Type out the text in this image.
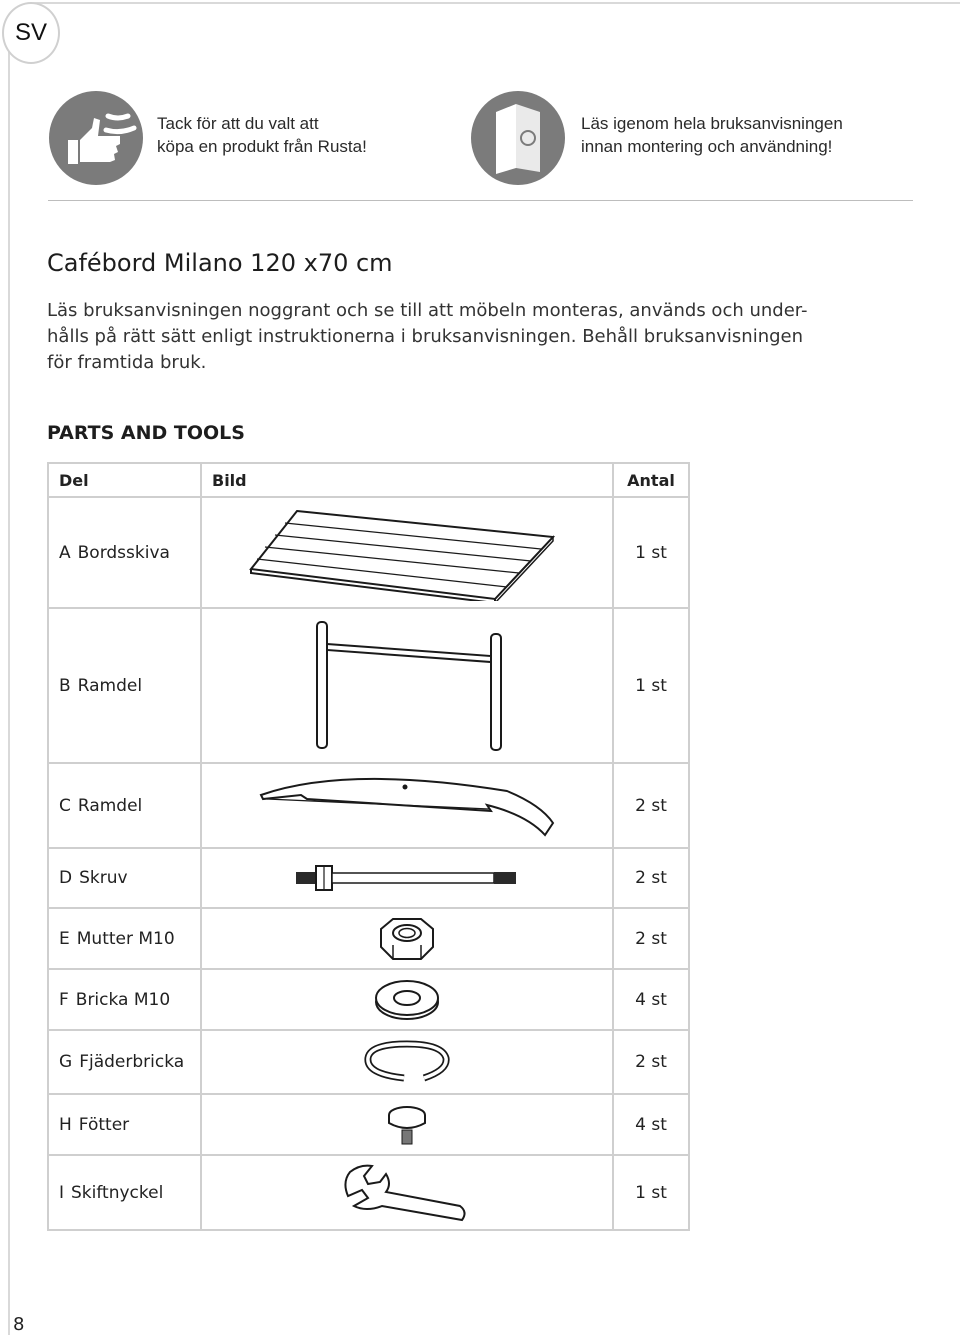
SV
Tack för att du valt att
köpa en produkt från Rusta!
Läs igenom hela bruksanvisningen
innan montering och användning!
Cafébord Milano 120 x70 cm
Läs bruksanvisningen noggrant och se till att möbeln monteras, används och under-
hålls på rätt sätt enligt instruktionerna i bruksanvisningen. Behåll bruksanvisningen
för framtida bruk.
PARTS AND TOOLS
Del	Bild	Antal
A Bordsskiva		1 st
B Ramdel		1 st
C Ramdel		2 st
D Skruv		2 st
E Mutter M10		2 st
F Bricka M10		4 st
G Fjäderbricka		2 st
H Fötter		4 st
I Skiftnyckel		1 st
8
